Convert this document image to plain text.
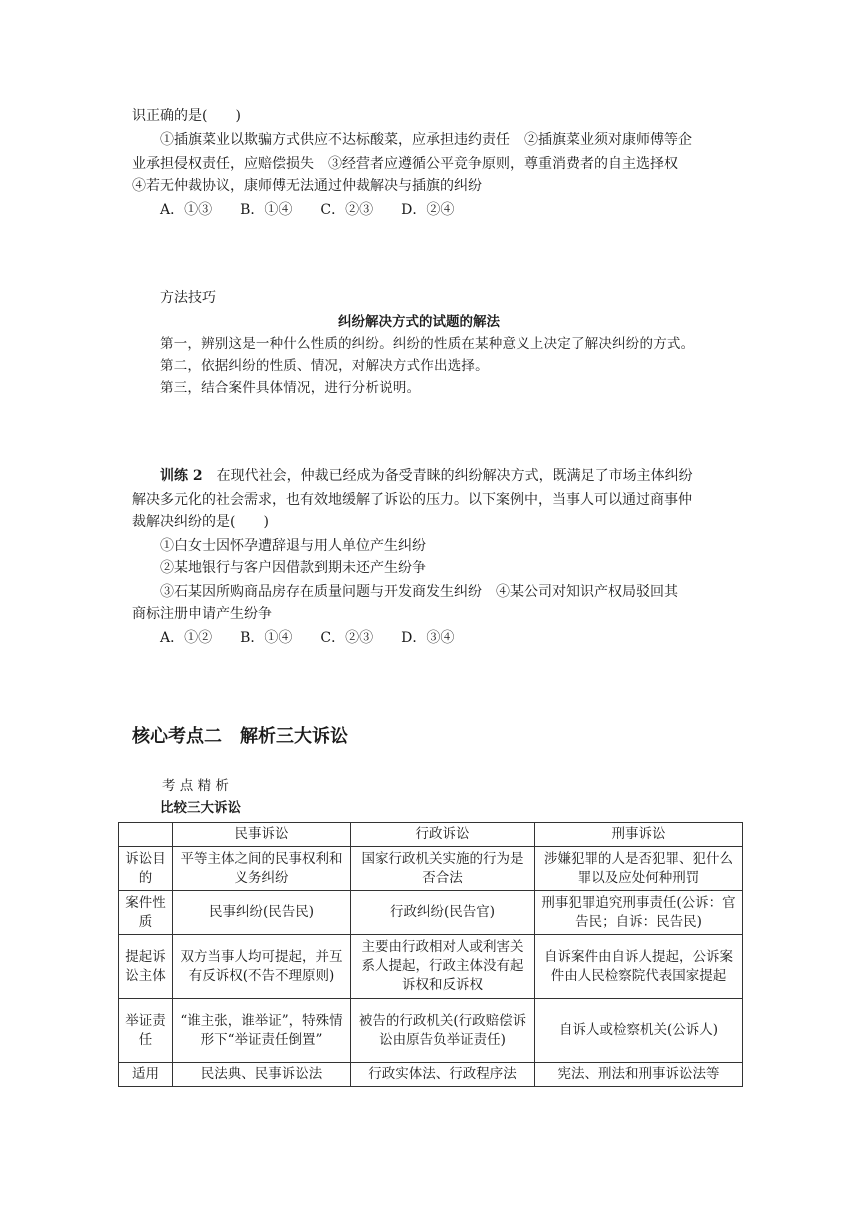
识正确的是(　　)
①插旗菜业以欺骗方式供应不达标酸菜，应承担违约责任　②插旗菜业须对康师傅等企
业承担侵权责任，应赔偿损失　③经营者应遵循公平竞争原则，尊重消费者的自主选择权
④若无仲裁协议，康师傅无法通过仲裁解决与插旗的纠纷
A．①③ B．①④ C．②③ D．②④
方法技巧
纠纷解决方式的试题的解法
第一，辨别这是一种什么性质的纠纷。纠纷的性质在某种意义上决定了解决纠纷的方式。
第二，依据纠纷的性质、情况，对解决方式作出选择。
第三，结合案件具体情况，进行分析说明。
训练 2　 在现代社会，仲裁已经成为备受青睐的纠纷解决方式，既满足了市场主体纠纷
解决多元化的社会需求，也有效地缓解了诉讼的压力。以下案例中，当事人可以通过商事仲
裁解决纠纷的是(　　)
①白女士因怀孕遭辞退与用人单位产生纠纷
②某地银行与客户因借款到期未还产生纷争
③石某因所购商品房存在质量问题与开发商发生纠纷　④某公司对知识产权局驳回其
商标注册申请产生纷争
A．①② B．①④ C．②③ D．③④
核心考点二　解析三大诉讼
考 点 精 析
比较三大诉讼
	民事诉讼	行政诉讼	刑事诉讼
诉讼目的	平等主体之间的民事权利和义务纠纷	国家行政机关实施的行为是否合法	涉嫌犯罪的人是否犯罪、犯什么罪以及应处何种刑罚
案件性质	民事纠纷(民告民)	行政纠纷(民告官)	刑事犯罪追究刑事责任(公诉：官告民；自诉：民告民)
提起诉讼主体	双方当事人均可提起，并互有反诉权(不告不理原则)	主要由行政相对人或利害关系人提起，行政主体没有起诉权和反诉权	自诉案件由自诉人提起，公诉案件由人民检察院代表国家提起
举证责任	“谁主张，谁举证”，特殊情形下“举证责任倒置”	被告的行政机关(行政赔偿诉讼由原告负举证责任)	自诉人或检察机关(公诉人)
适用	民法典、民事诉讼法	行政实体法、行政程序法	宪法、刑法和刑事诉讼法等
